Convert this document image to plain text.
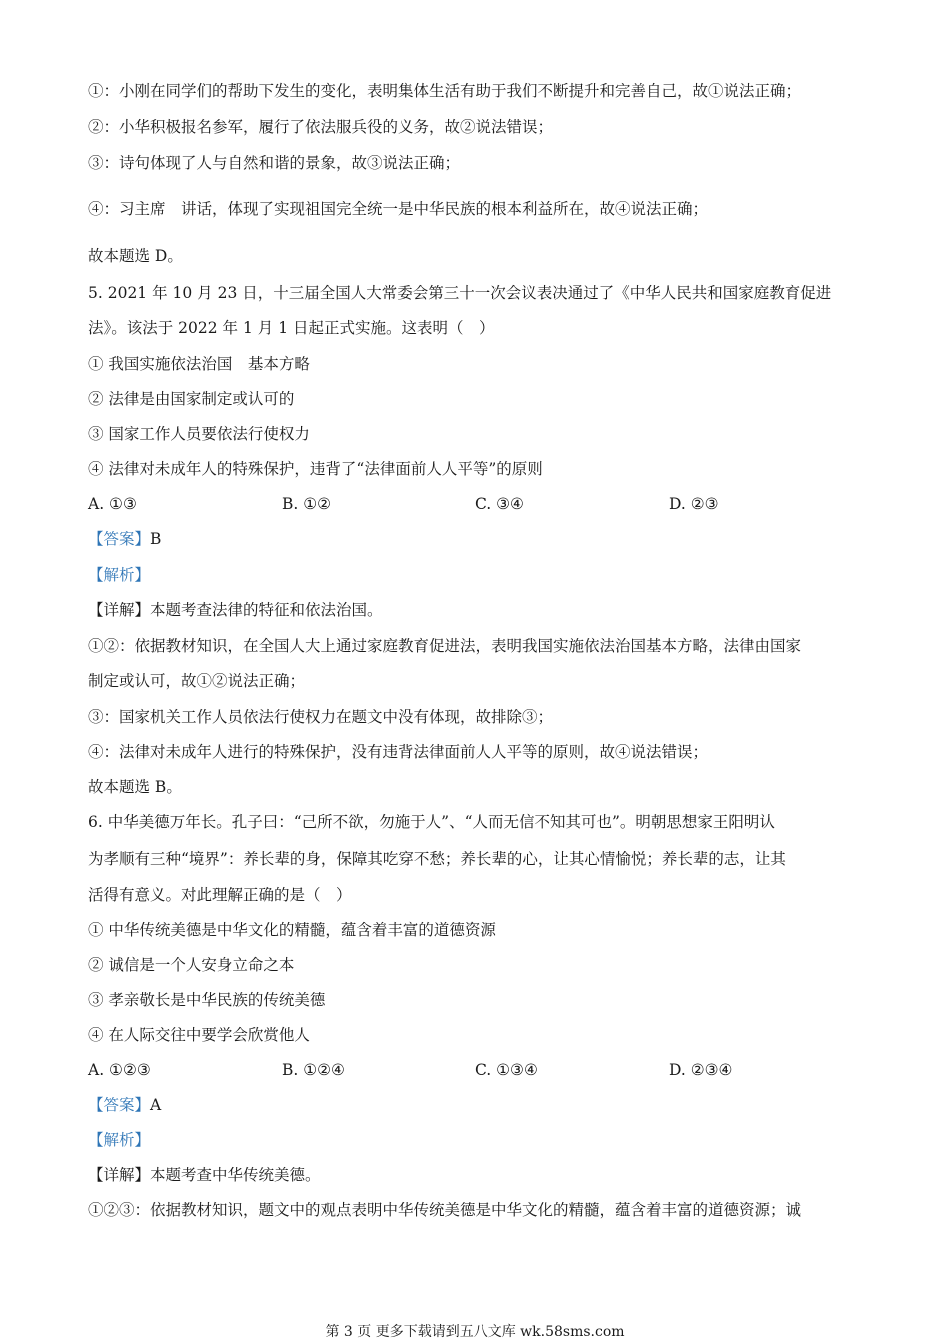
①：小刚在同学们的帮助下发生的变化，表明集体生活有助于我们不断提升和完善自己，故①说法正确；
②：小华积极报名参军，履行了依法服兵役的义务，故②说法错误；
③：诗句体现了人与自然和谐的景象，故③说法正确；
④：习主席　讲话，体现了实现祖国完全统一是中华民族的根本利益所在，故④说法正确；
故本题选 D。
5. 2021 年 10 月 23 日，十三届全国人大常委会第三十一次会议表决通过了《中华人民共和国家庭教育促进
法》。该法于 2022 年 1 月 1 日起正式实施。这表明（　）
① 我国实施依法治国　基本方略
② 法律是由国家制定或认可的
③ 国家工作人员要依法行使权力
④ 法律对未成年人的特殊保护，违背了“法律面前人人平等”的原则
A. ①③	B. ①②	C. ③④	D. ②③
【答案】B
【解析】
【详解】本题考查法律的特征和依法治国。
①②：依据教材知识，在全国人大上通过家庭教育促进法，表明我国实施依法治国基本方略，法律由国家
制定或认可，故①②说法正确；
③：国家机关工作人员依法行使权力在题文中没有体现，故排除③；
④：法律对未成年人进行的特殊保护，没有违背法律面前人人平等的原则，故④说法错误；
故本题选 B。
6. 中华美德万年长。孔子曰：“己所不欲，勿施于人”、“人而无信不知其可也”。明朝思想家王阳明认
为孝顺有三种“境界”：养长辈的身，保障其吃穿不愁；养长辈的心，让其心情愉悦；养长辈的志，让其
活得有意义。对此理解正确的是（　）
① 中华传统美德是中华文化的精髓，蕴含着丰富的道德资源
② 诚信是一个人安身立命之本
③ 孝亲敬长是中华民族的传统美德
④ 在人际交往中要学会欣赏他人
A. ①②③	B. ①②④	C. ①③④	D. ②③④
【答案】A
【解析】
【详解】本题考查中华传统美德。
①②③：依据教材知识，题文中的观点表明中华传统美德是中华文化的精髓，蕴含着丰富的道德资源；诚
第 3 页 更多下载请到五八文库 wk.58sms.com
